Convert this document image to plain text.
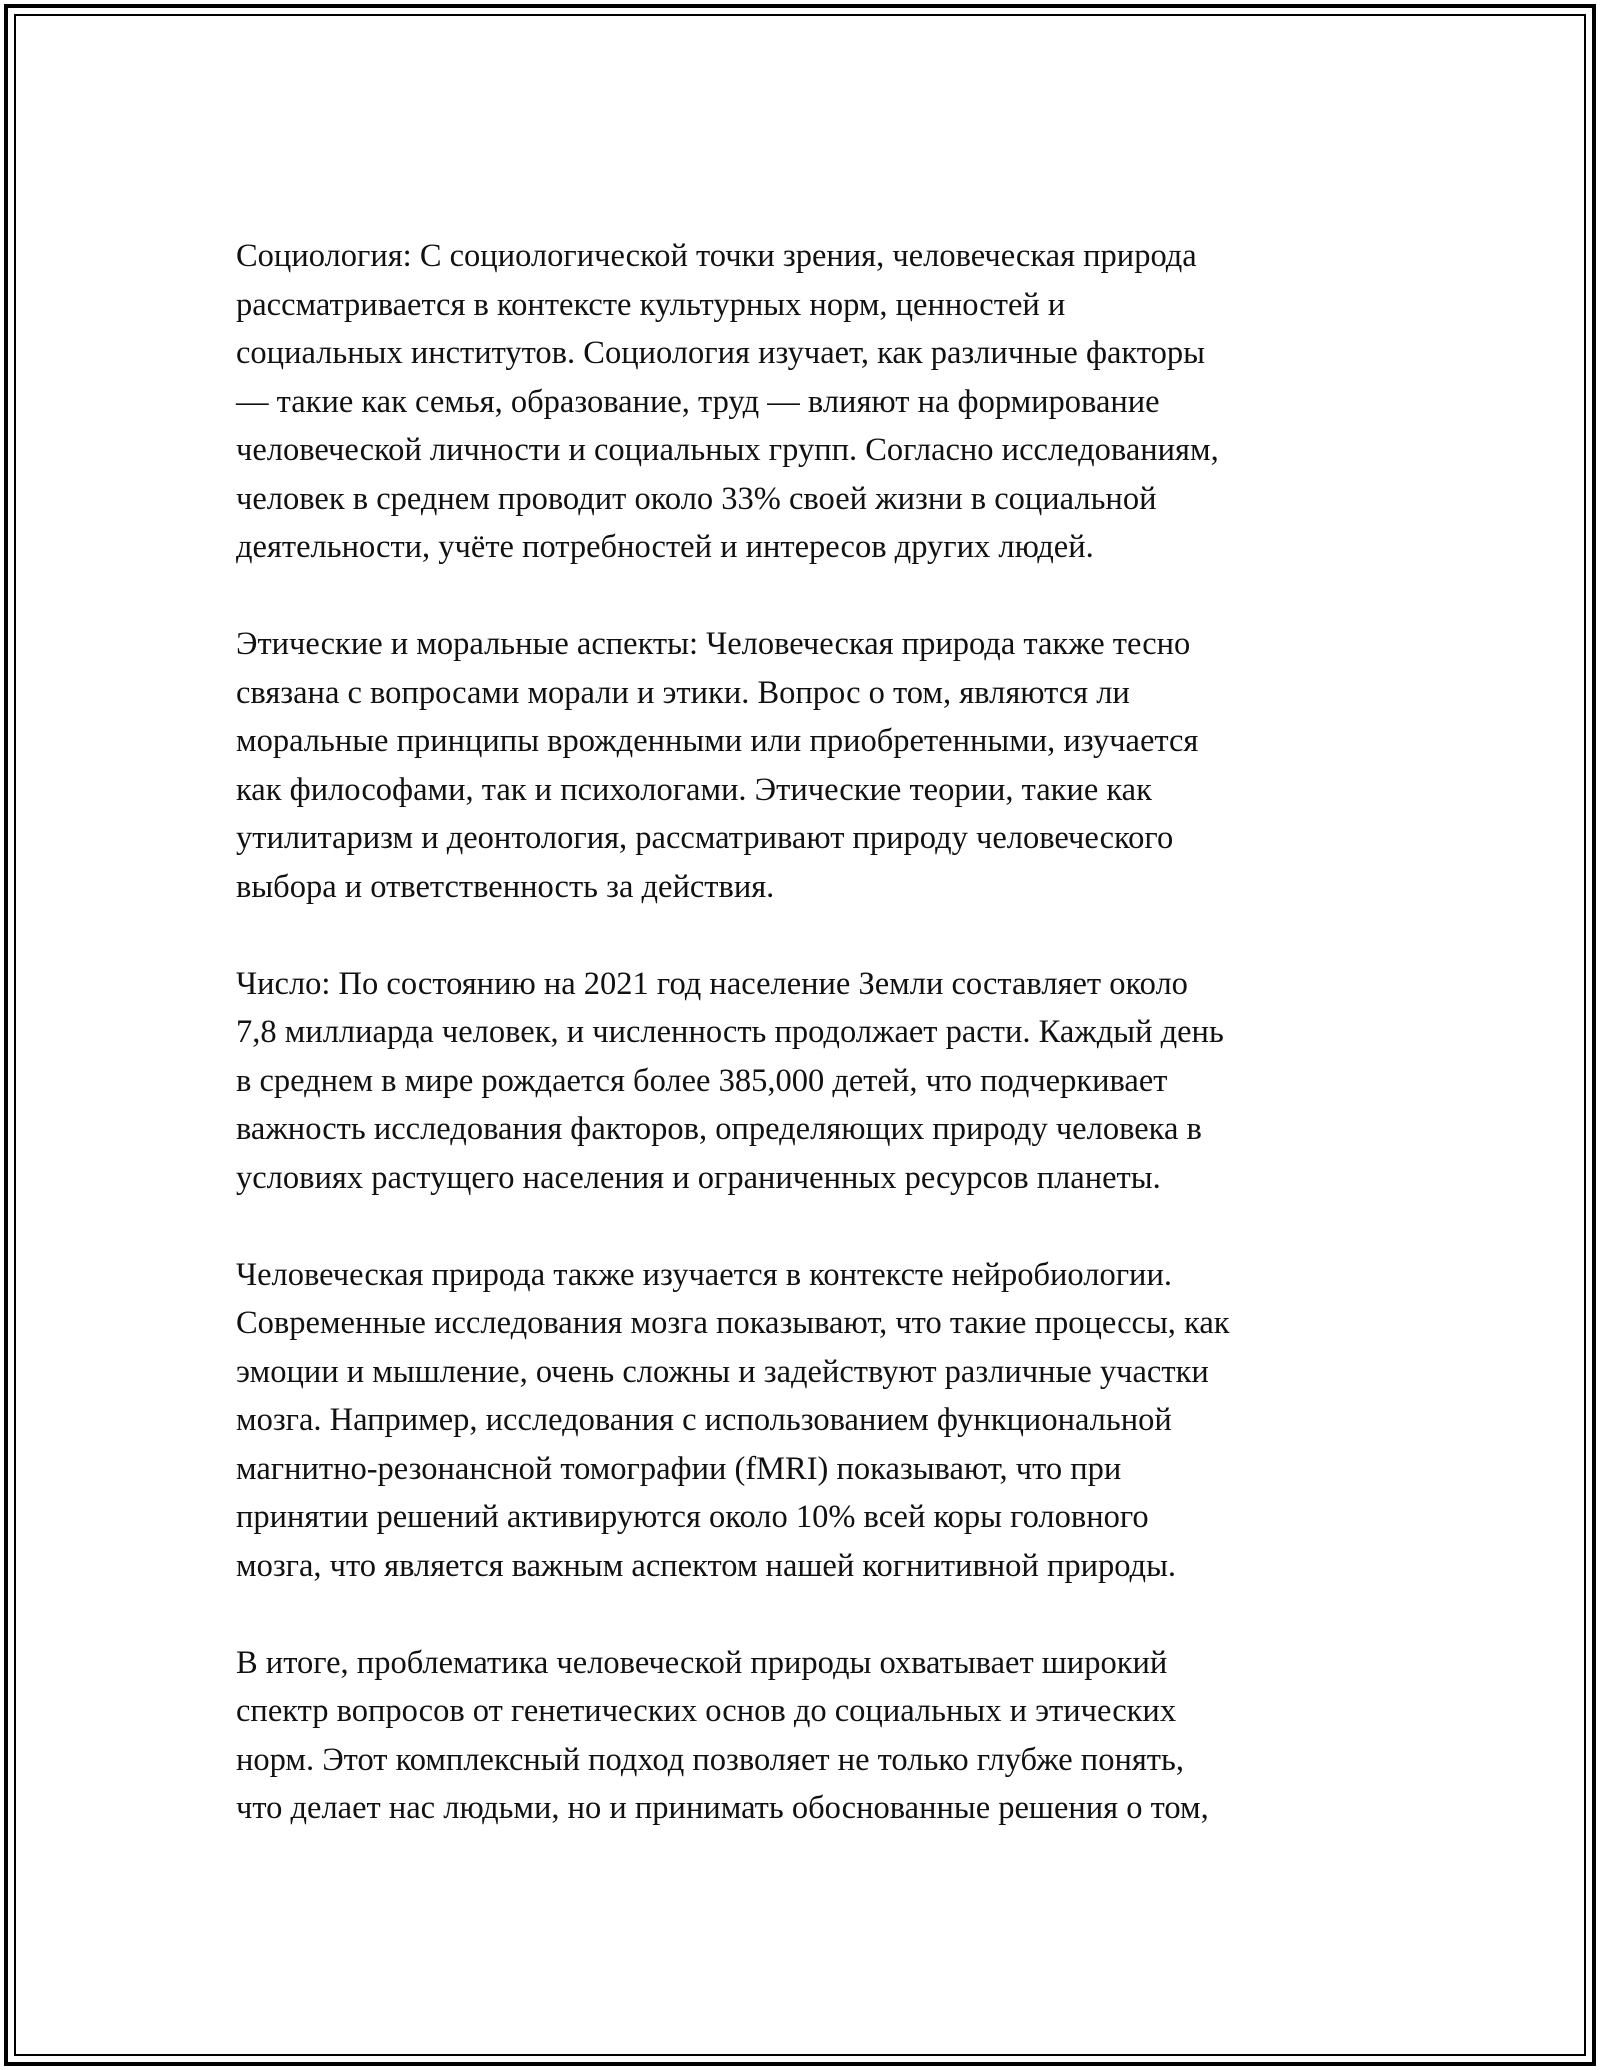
Социология: С социологической точки зрения, человеческая природа
рассматривается в контексте культурных норм, ценностей и
социальных институтов. Социология изучает, как различные факторы
— такие как семья, образование, труд — влияют на формирование
человеческой личности и социальных групп. Согласно исследованиям,
человек в среднем проводит около 33% своей жизни в социальной
деятельности, учёте потребностей и интересов других людей.

Этические и моральные аспекты: Человеческая природа также тесно
связана с вопросами морали и этики. Вопрос о том, являются ли
моральные принципы врожденными или приобретенными, изучается
как философами, так и психологами. Этические теории, такие как
утилитаризм и деонтология, рассматривают природу человеческого
выбора и ответственность за действия.

Число: По состоянию на 2021 год население Земли составляет около
7,8 миллиарда человек, и численность продолжает расти. Каждый день
в среднем в мире рождается более 385,000 детей, что подчеркивает
важность исследования факторов, определяющих природу человека в
условиях растущего населения и ограниченных ресурсов планеты.

Человеческая природа также изучается в контексте нейробиологии.
Современные исследования мозга показывают, что такие процессы, как
эмоции и мышление, очень сложны и задействуют различные участки
мозга. Например, исследования с использованием функциональной
магнитно-резонансной томографии (fMRI) показывают, что при
принятии решений активируются около 10% всей коры головного
мозга, что является важным аспектом нашей когнитивной природы.

В итоге, проблематика человеческой природы охватывает широкий
спектр вопросов от генетических основ до социальных и этических
норм. Этот комплексный подход позволяет не только глубже понять,
что делает нас людьми, но и принимать обоснованные решения о том,
